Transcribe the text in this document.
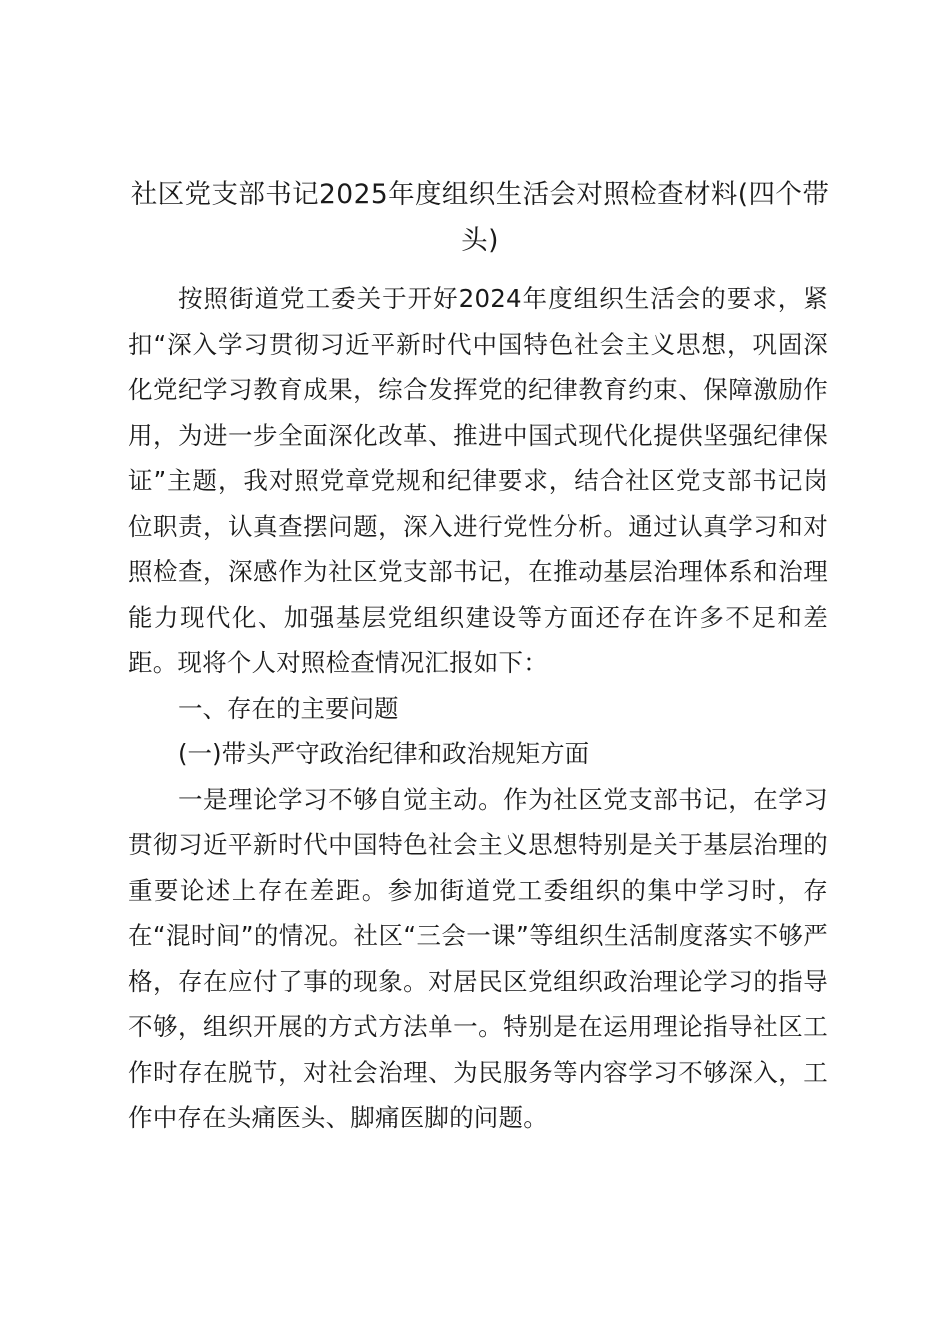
社区党支部书记2025年度组织生活会对照检查材料(四个带头)

按照街道党工委关于开好2024年度组织生活会的要求，紧扣“深入学习贯彻习近平新时代中国特色社会主义思想，巩固深化党纪学习教育成果，综合发挥党的纪律教育约束、保障激励作用，为进一步全面深化改革、推进中国式现代化提供坚强纪律保证”主题，我对照党章党规和纪律要求，结合社区党支部书记岗位职责，认真查摆问题，深入进行党性分析。通过认真学习和对照检查，深感作为社区党支部书记，在推动基层治理体系和治理能力现代化、加强基层党组织建设等方面还存在许多不足和差距。现将个人对照检查情况汇报如下：

一、存在的主要问题

(一)带头严守政治纪律和政治规矩方面

一是理论学习不够自觉主动。作为社区党支部书记，在学习贯彻习近平新时代中国特色社会主义思想特别是关于基层治理的重要论述上存在差距。参加街道党工委组织的集中学习时，存在“混时间”的情况。社区“三会一课”等组织生活制度落实不够严格，存在应付了事的现象。对居民区党组织政治理论学习的指导不够，组织开展的方式方法单一。特别是在运用理论指导社区工作时存在脱节，对社会治理、为民服务等内容学习不够深入，工作中存在头痛医头、脚痛医脚的问题。
